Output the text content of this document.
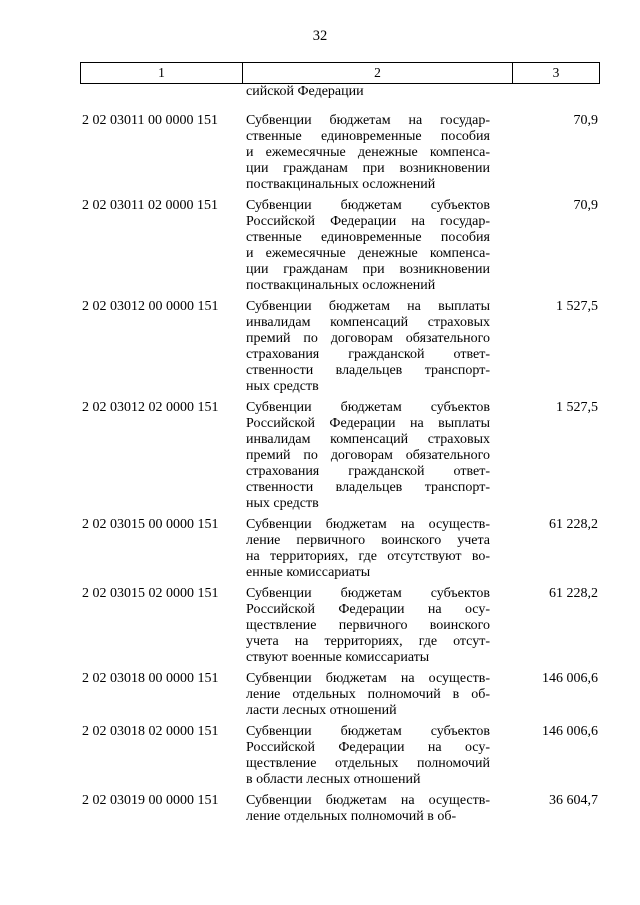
32
1	2	3
сийской Федерации
2 02 03011 00 0000 151 Субвенции бюджетам на государ-
ственные единовременные пособия
и ежемесячные денежные компенса-
ции гражданам при возникновении
поствакцинальных осложнений
70,9
2 02 03011 02 0000 151 Субвенции бюджетам субъектов
Российской Федерации на государ-
ственные единовременные пособия
и ежемесячные денежные компенса-
ции гражданам при возникновении
поствакцинальных осложнений
70,9
2 02 03012 00 0000 151 Субвенции бюджетам на выплаты
инвалидам компенсаций страховых
премий по договорам обязательного
страхования гражданской ответ-
ственности владельцев транспорт-
ных средств
1 527,5
2 02 03012 02 0000 151 Субвенции бюджетам субъектов
Российской Федерации на выплаты
инвалидам компенсаций страховых
премий по договорам обязательного
страхования гражданской ответ-
ственности владельцев транспорт-
ных средств
1 527,5
2 02 03015 00 0000 151 Субвенции бюджетам на осуществ-
ление первичного воинского учета
на территориях, где отсутствуют во-
енные комиссариаты
61 228,2
2 02 03015 02 0000 151 Субвенции бюджетам субъектов
Российской Федерации на осу-
ществление первичного воинского
учета на территориях, где отсут-
ствуют военные комиссариаты
61 228,2
2 02 03018 00 0000 151 Субвенции бюджетам на осуществ-
ление отдельных полномочий в об-
ласти лесных отношений
146 006,6
2 02 03018 02 0000 151 Субвенции бюджетам субъектов
Российской Федерации на осу-
ществление отдельных полномочий
в области лесных отношений
146 006,6
2 02 03019 00 0000 151 Субвенции бюджетам на осуществ-
ление отдельных полномочий в об-
36 604,7
